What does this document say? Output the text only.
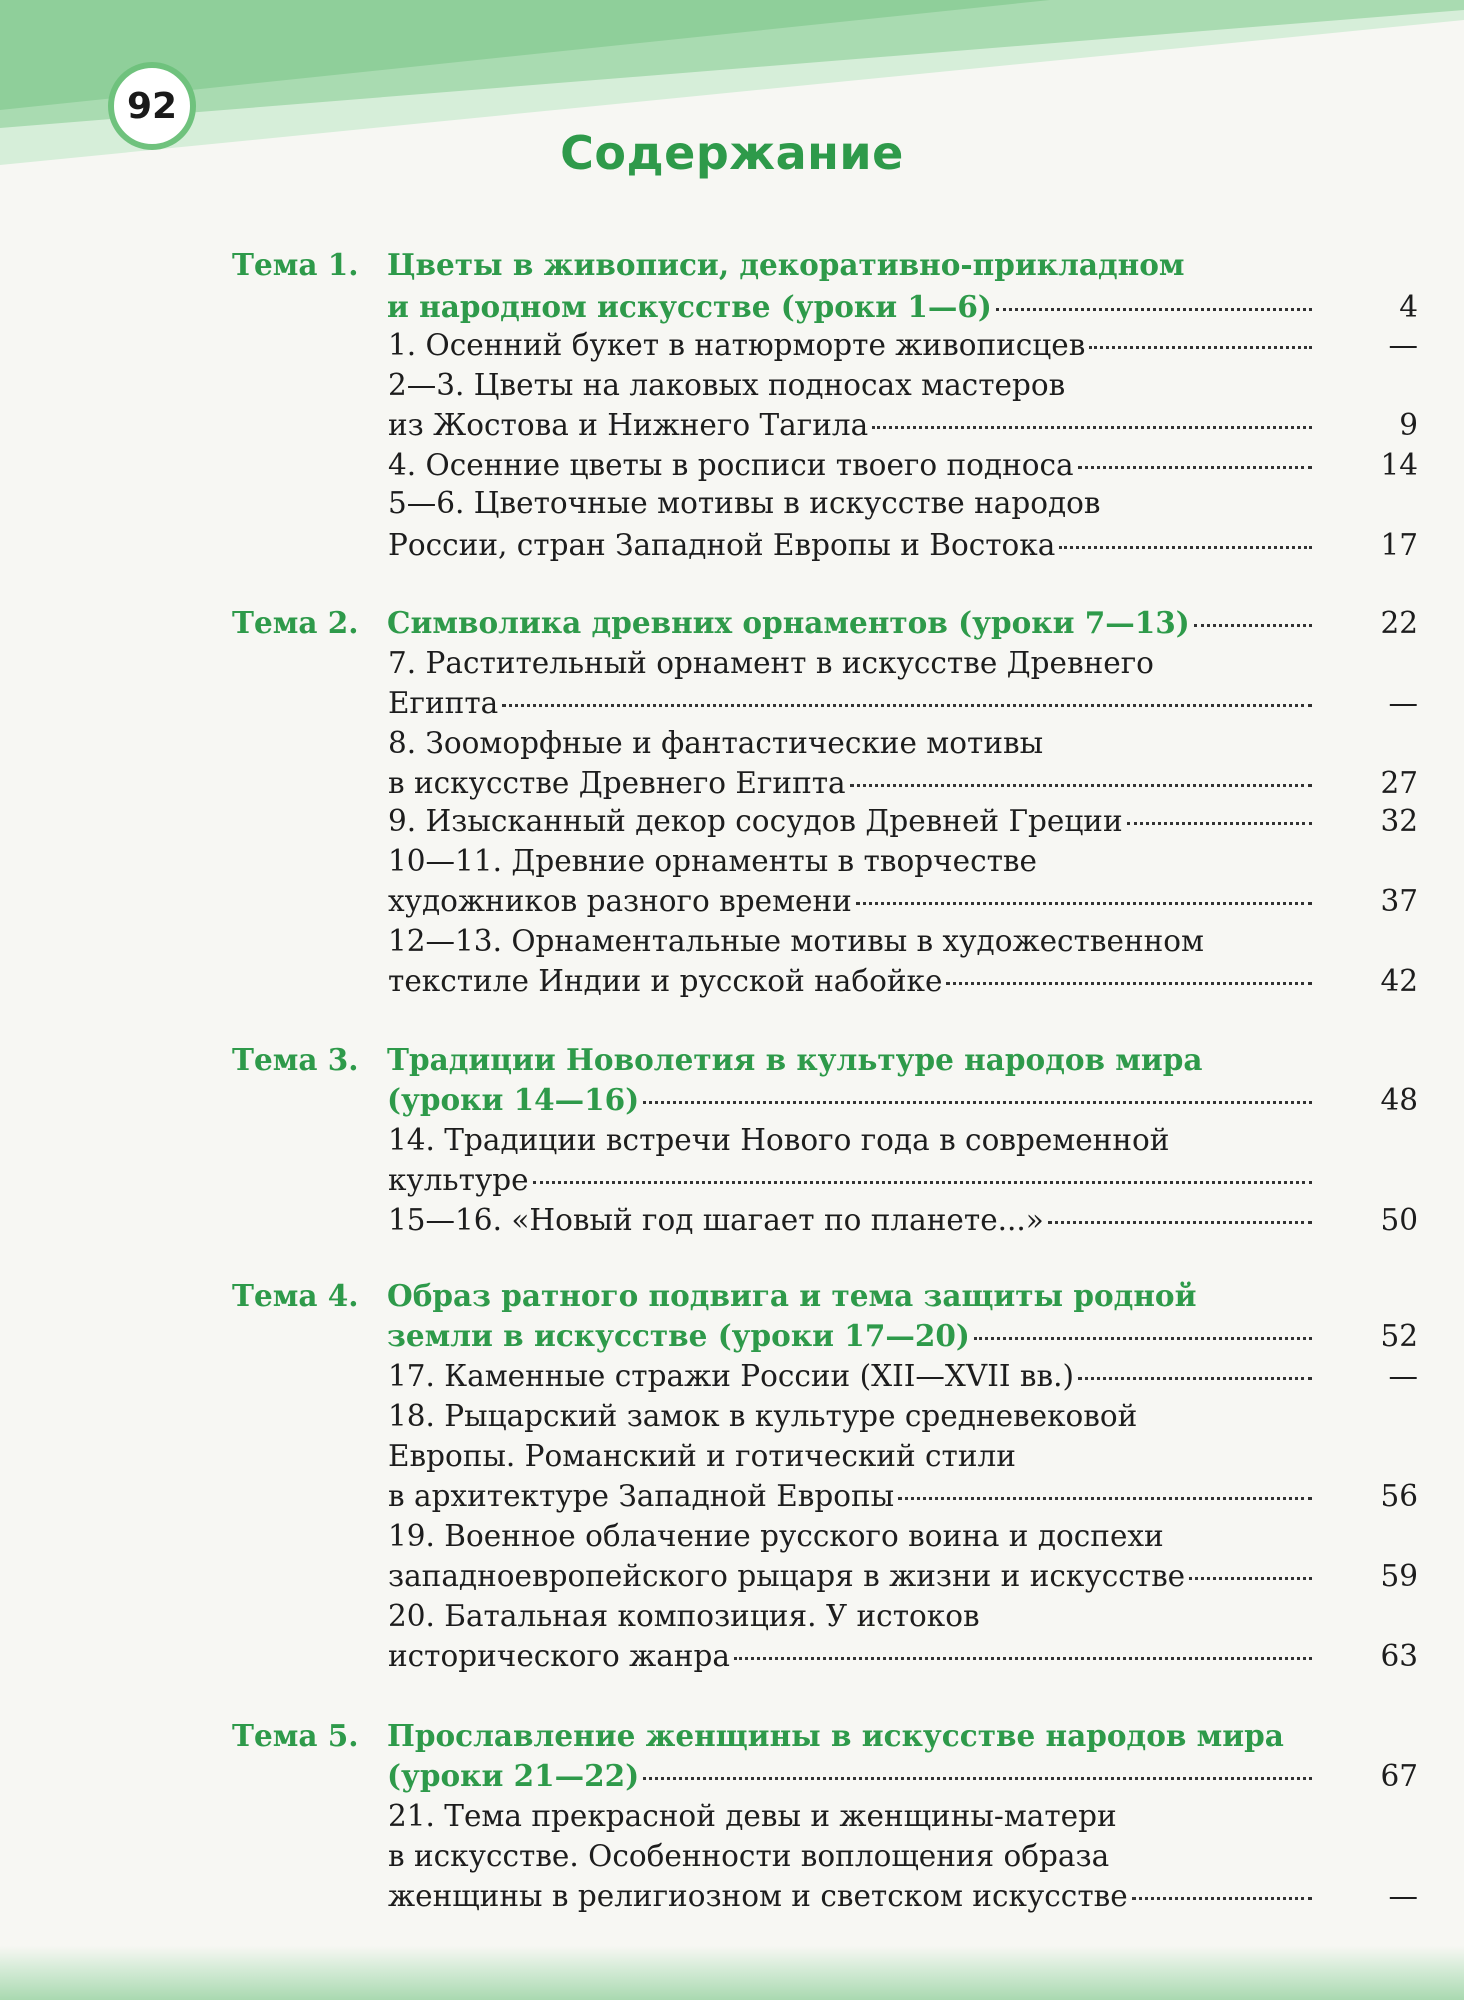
92
Содержание
Тема 1. Цветы в живописи, декоративно-прикладном
и народном искусстве (уроки 1—6)	4
1. Осенний букет в натюрморте живописцев	—
2—3. Цветы на лаковых подносах мастеров
из Жостова и Нижнего Тагила	9
4. Осенние цветы в росписи твоего подноса	14
5—6. Цветочные мотивы в искусстве народов
России, стран Западной Европы и Востока	17
Тема 2. Символика древних орнаментов (уроки 7—13)	22
7. Растительный орнамент в искусстве Древнего
Египта	—
8. Зооморфные и фантастические мотивы
в искусстве Древнего Египта	27
9. Изысканный декор сосудов Древней Греции	32
10—11. Древние орнаменты в творчестве
художников разного времени	37
12—13. Орнаментальные мотивы в художественном
текстиле Индии и русской набойке	42
Тема 3. Традиции Новолетия в культуре народов мира
(уроки 14—16)	48
14. Традиции встречи Нового года в современной
культуре
15—16. «Новый год шагает по планете...»	50
Тема 4. Образ ратного подвига и тема защиты родной
земли в искусстве (уроки 17—20)	52
17. Каменные стражи России (XII—XVII вв.)	—
18. Рыцарский замок в культуре средневековой
Европы. Романский и готический стили
в архитектуре Западной Европы	56
19. Военное облачение русского воина и доспехи
западноевропейского рыцаря в жизни и искусстве	59
20. Батальная композиция. У истоков
исторического жанра	63
Тема 5. Прославление женщины в искусстве народов мира
(уроки 21—22)	67
21. Тема прекрасной девы и женщины-матери
в искусстве. Особенности воплощения образа
женщины в религиозном и светском искусстве	—
